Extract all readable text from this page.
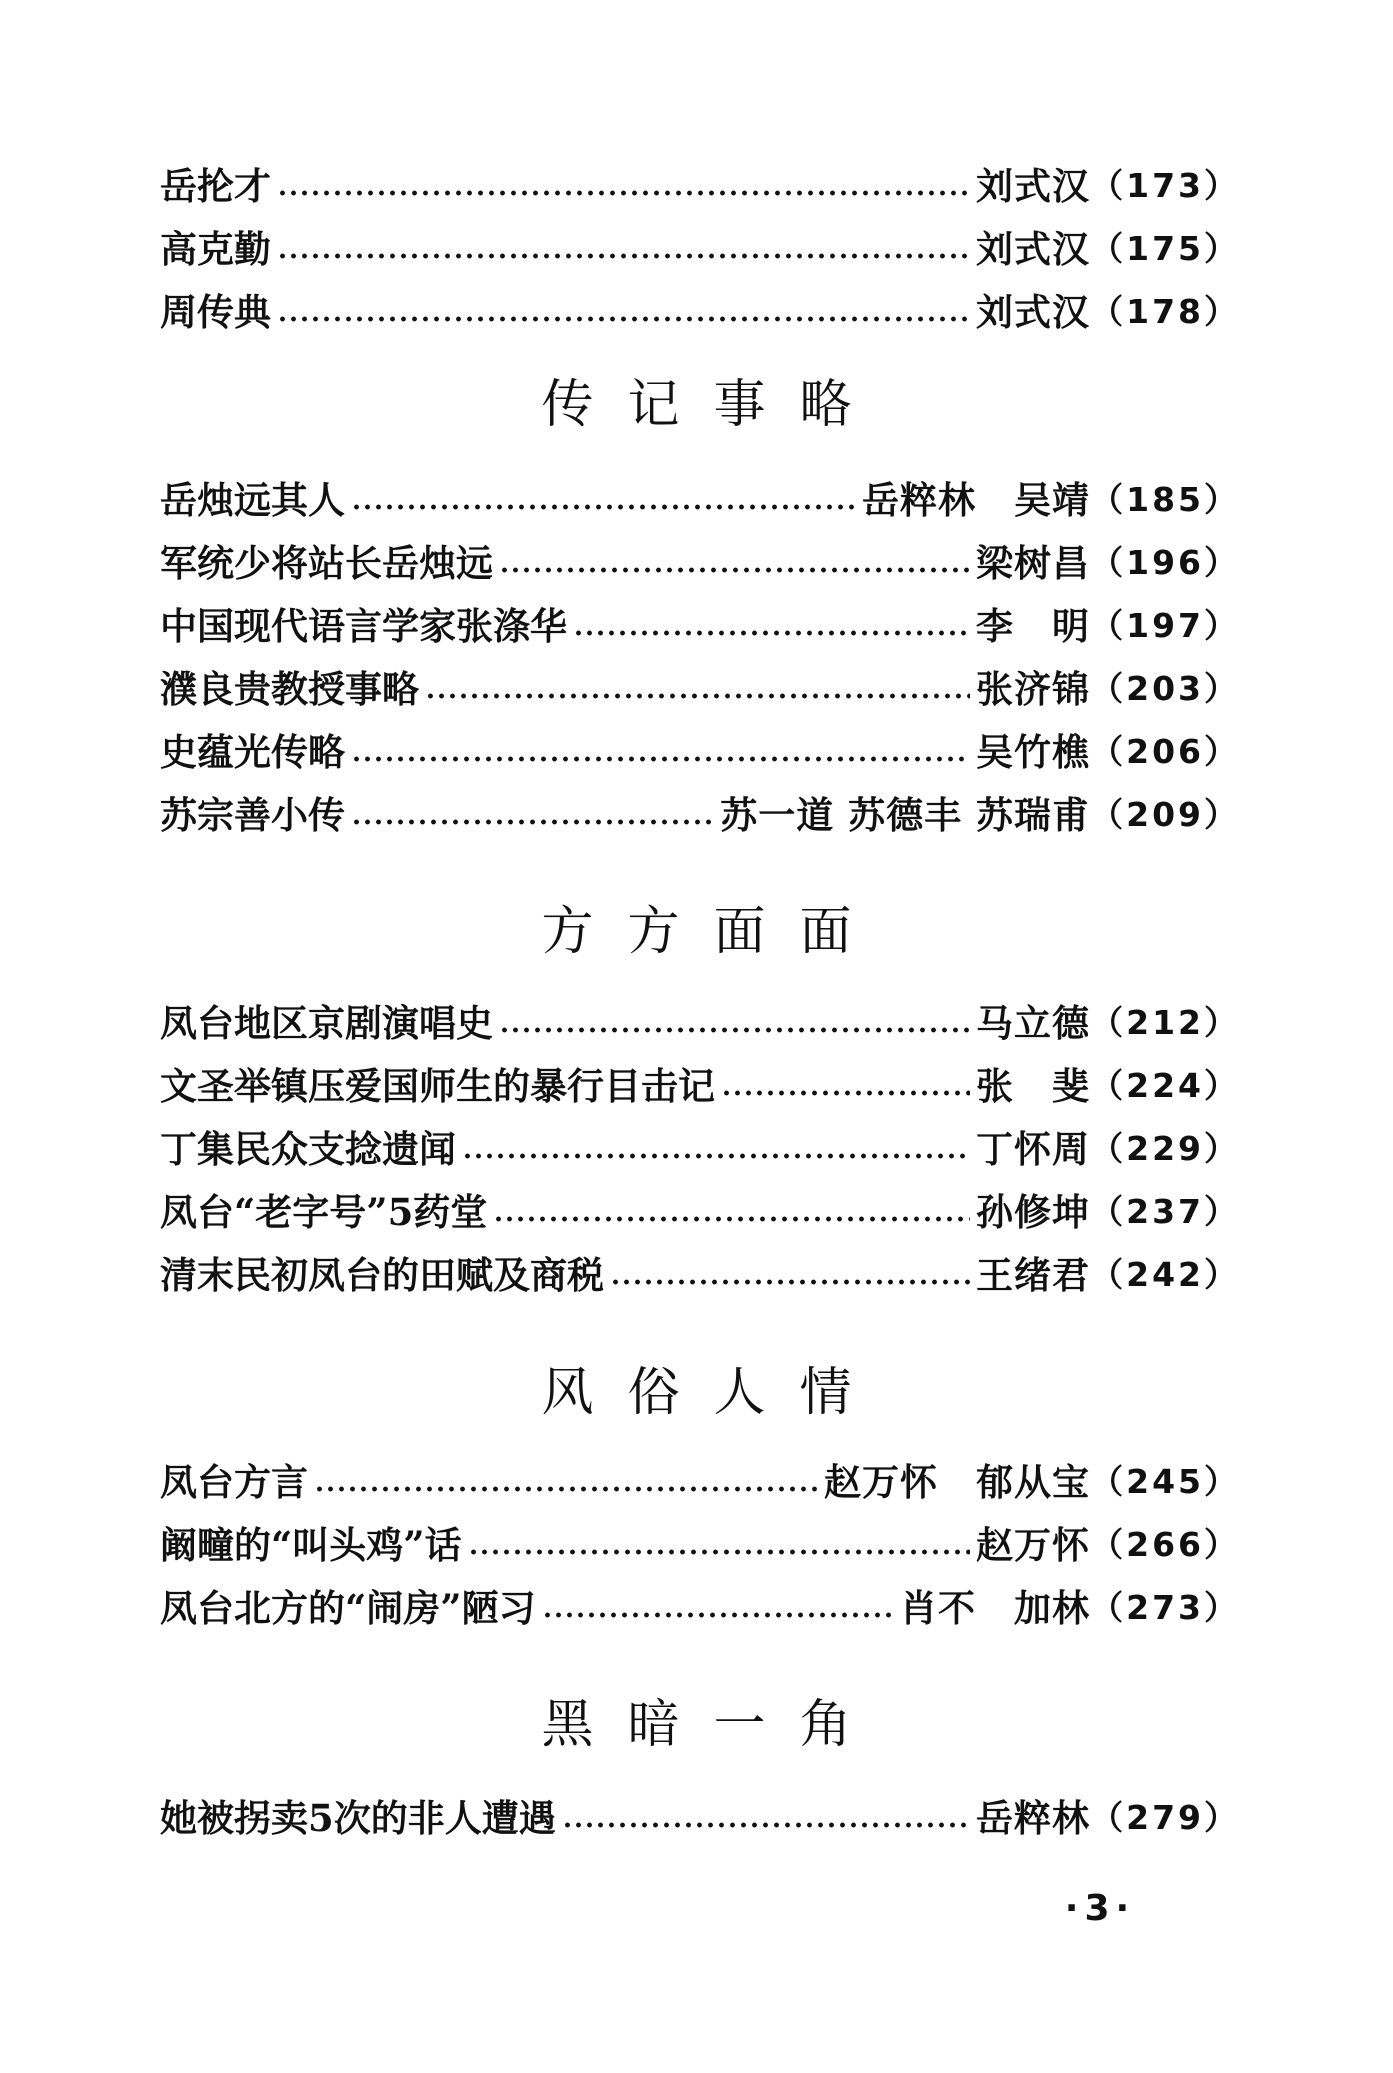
岳抡才	刘式汉 （173）
高克勤	刘式汉 （175）
周传典	刘式汉 （178）
传记事略
岳烛远其人	岳粹林　吴靖 （185）
军统少将站长岳烛远	梁树昌 （196）
中国现代语言学家张涤华	李　明 （197）
濮良贵教授事略	张济锦 （203）
史蕴光传略	吴竹樵 （206）
苏宗善小传	苏一道 苏德丰 苏瑞甫 （209）
方方面面
凤台地区京剧演唱史	马立德 （212）
文圣举镇压爱国师生的暴行目击记	张　斐 （224）
丁集民众支捻遗闻	丁怀周 （229）
凤台“老字号”5药堂	孙修坤 （237）
清末民初凤台的田赋及商税	王绪君 （242）
风俗人情
凤台方言	赵万怀　郁从宝 （245）
阚疃的“叫头鸡”话	赵万怀 （266）
凤台北方的“闹房”陋习	肖不　加林 （273）
黑暗一角
她被拐卖5次的非人遭遇	岳粹林 （279）
·3·
